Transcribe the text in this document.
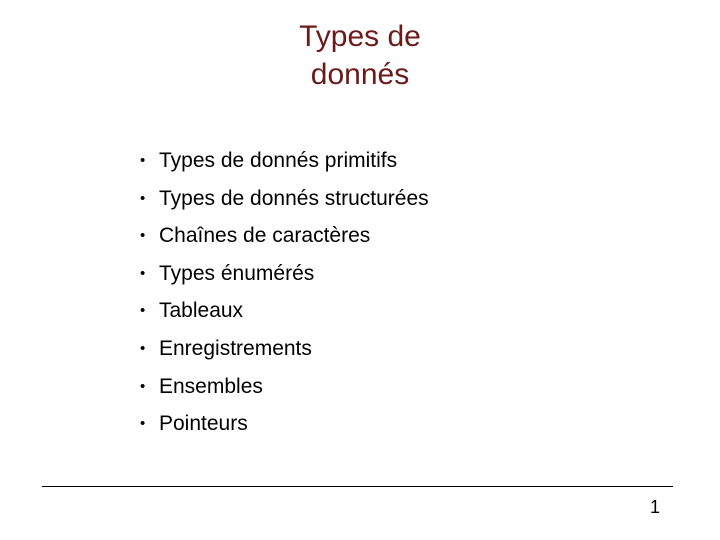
Types de
donnés
• Types de donnés primitifs
• Types de donnés structurées
• Chaînes de caractères
• Types énumérés
• Tableaux
• Enregistrements
• Ensembles
• Pointeurs
1
